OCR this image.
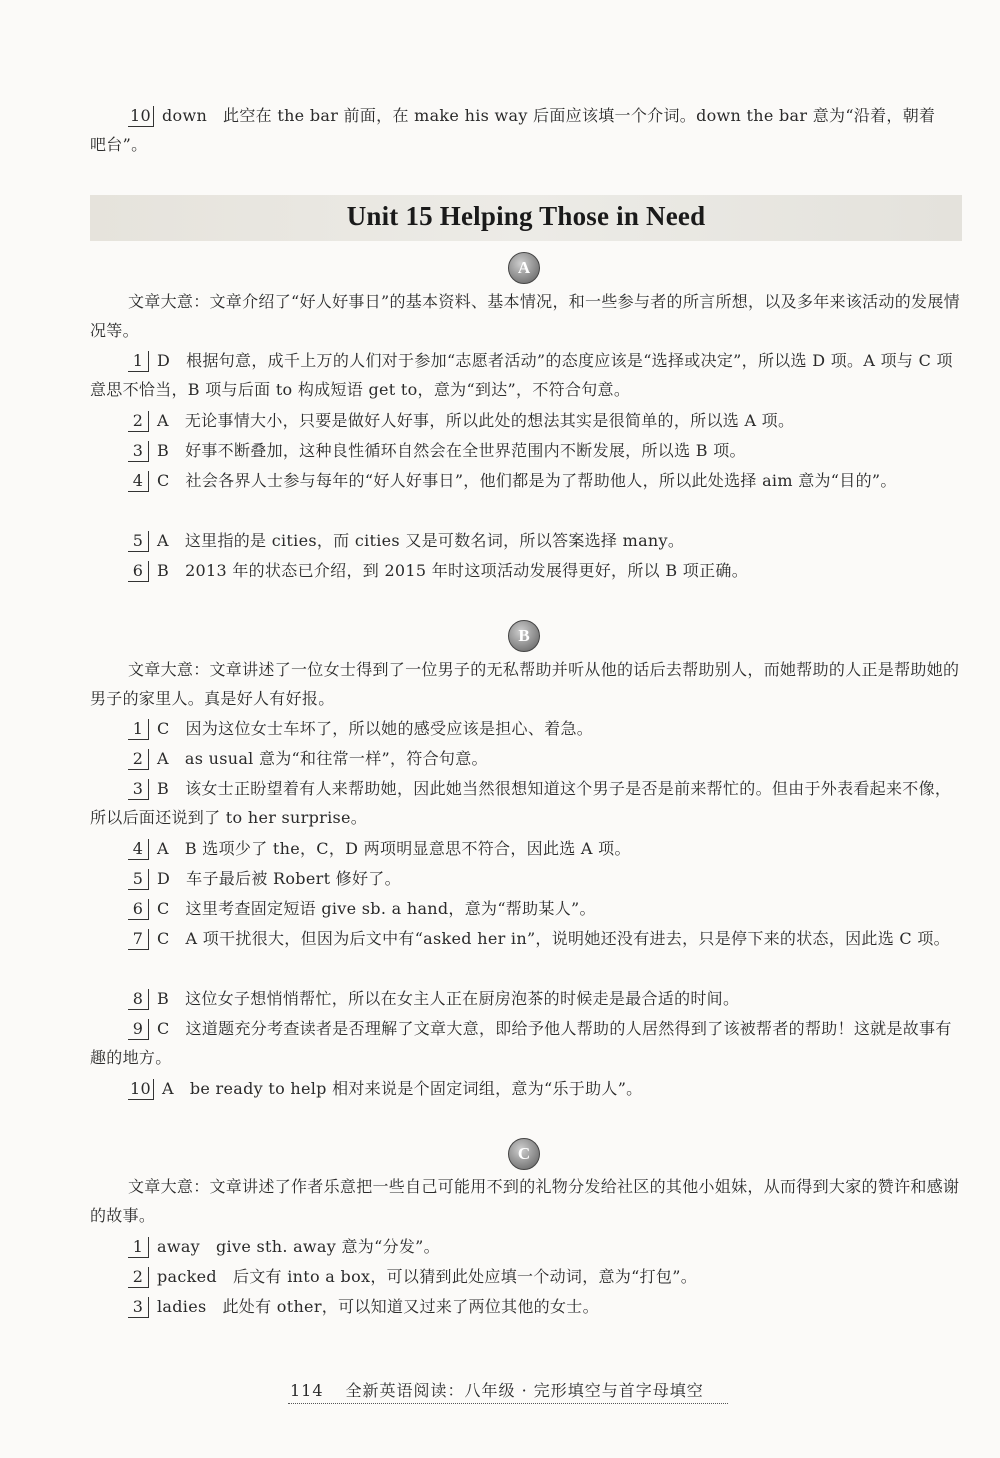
10 down 此空在 the bar 前面，在 make his way 后面应该填一个介词。down the bar 意为“沿着，朝着
吧台”。
Unit 15 Helping Those in Need
A
文章大意：文章介绍了“好人好事日”的基本资料、基本情况，和一些参与者的所言所想，以及多年来该活动的发展情况等。
1 D 根据句意，成千上万的人们对于参加“志愿者活动”的态度应该是“选择或决定”，所以选 D 项。A 项与 C 项意思不恰当，B 项与后面 to 构成短语 get to，意为“到达”，不符合句意。
2 A 无论事情大小，只要是做好人好事，所以此处的想法其实是很简单的，所以选 A 项。
3 B 好事不断叠加，这种良性循环自然会在全世界范围内不断发展，所以选 B 项。
4 C 社会各界人士参与每年的“好人好事日”，他们都是为了帮助他人，所以此处选择 aim 意为“目的”。
5 A 这里指的是 cities，而 cities 又是可数名词，所以答案选择 many。
6 B 2013 年的状态已介绍，到 2015 年时这项活动发展得更好，所以 B 项正确。
B
文章大意：文章讲述了一位女士得到了一位男子的无私帮助并听从他的话后去帮助别人，而她帮助的人正是帮助她的男子的家里人。真是好人有好报。
1 C 因为这位女士车坏了，所以她的感受应该是担心、着急。
2 A as usual 意为“和往常一样”，符合句意。
3 B 该女士正盼望着有人来帮助她，因此她当然很想知道这个男子是否是前来帮忙的。但由于外表看起来不像，所以后面还说到了 to her surprise。
4 A B 选项少了 the，C，D 两项明显意思不符合，因此选 A 项。
5 D 车子最后被 Robert 修好了。
6 C 这里考查固定短语 give sb. a hand，意为“帮助某人”。
7 C A 项干扰很大，但因为后文中有“asked her in”，说明她还没有进去，只是停下来的状态，因此选 C 项。
8 B 这位女子想悄悄帮忙，所以在女主人正在厨房泡茶的时候走是最合适的时间。
9 C 这道题充分考查读者是否理解了文章大意，即给予他人帮助的人居然得到了该被帮者的帮助！这就是故事有趣的地方。
10 A be ready to help 相对来说是个固定词组，意为“乐于助人”。
C
文章大意：文章讲述了作者乐意把一些自己可能用不到的礼物分发给社区的其他小姐妹，从而得到大家的赞许和感谢的故事。
1 away give sth. away 意为“分发”。
2 packed 后文有 into a box，可以猜到此处应填一个动词，意为“打包”。
3 ladies 此处有 other，可以知道又过来了两位其他的女士。
114 全新英语阅读：八年级 · 完形填空与首字母填空
